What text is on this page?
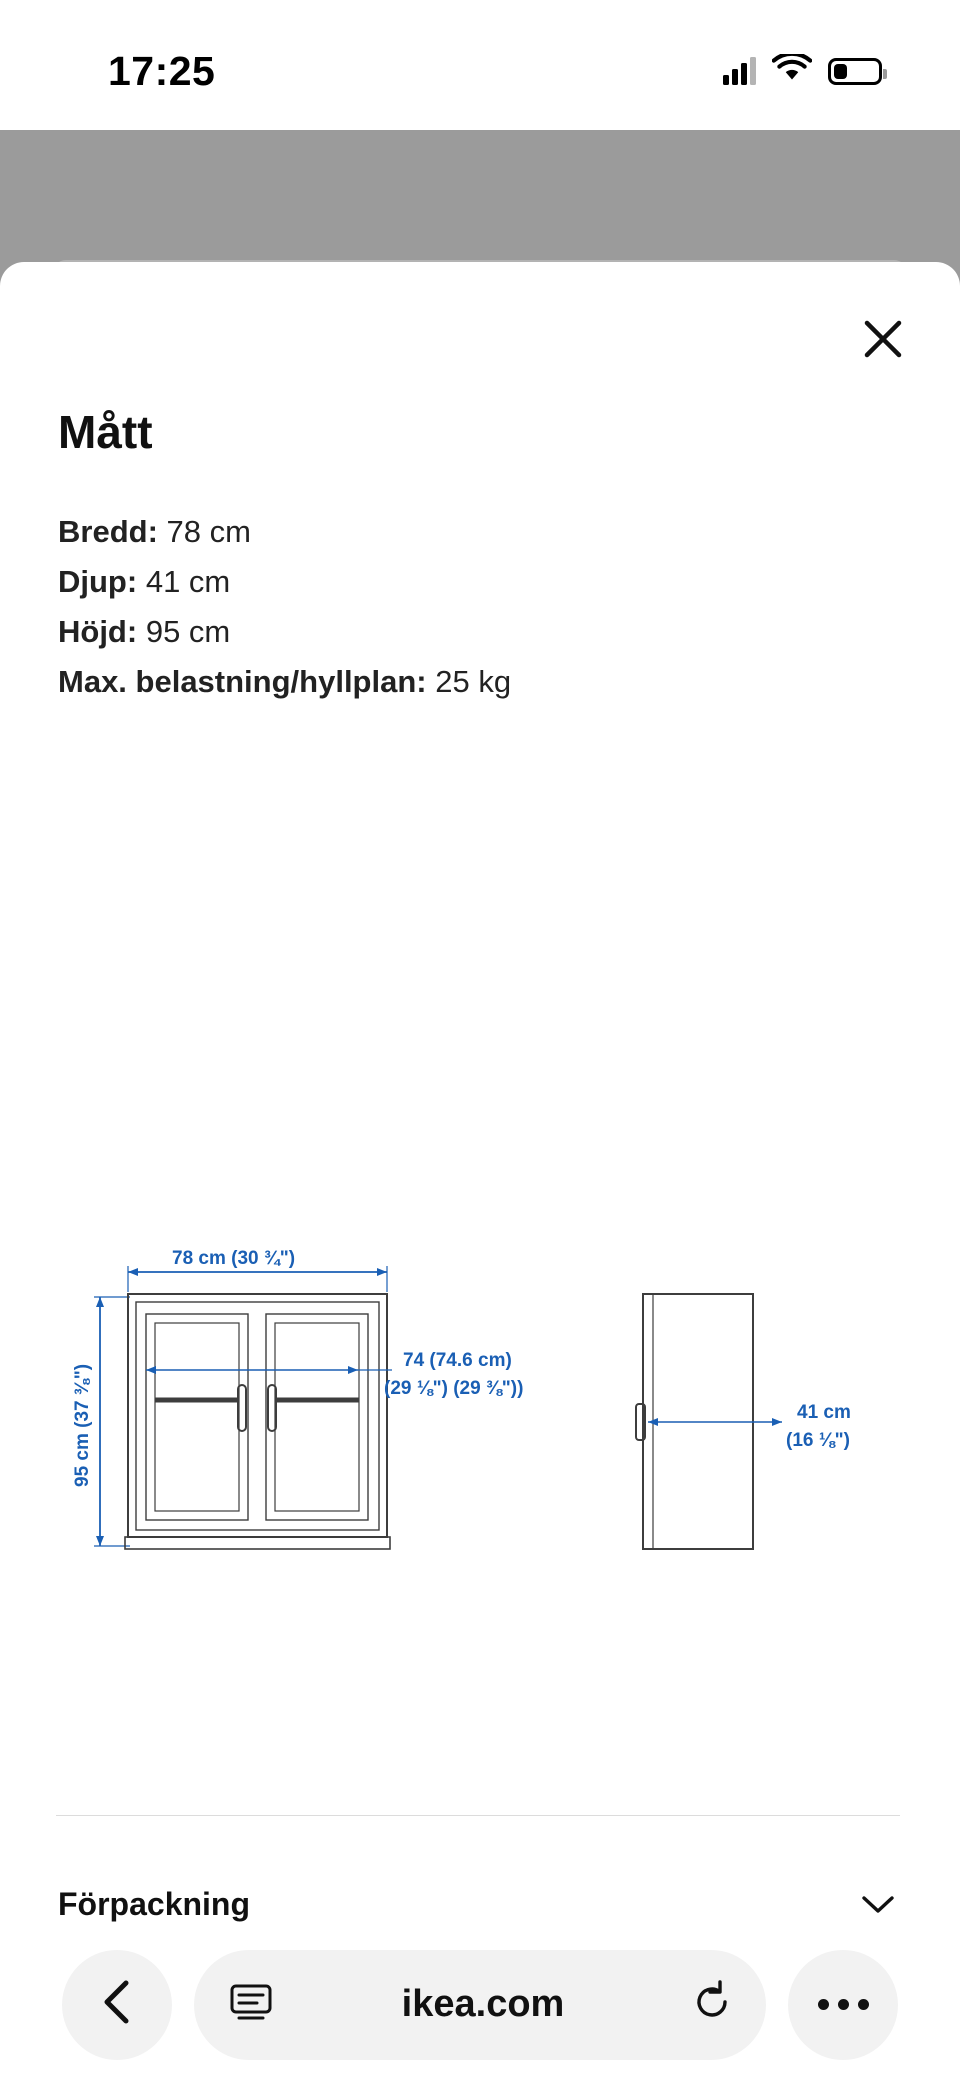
17:25
Mått
Bredd: 78 cm
Djup: 41 cm
Höjd: 95 cm
Max. belastning/hyllplan: 25 kg
78 cm (30 ¾")
95 cm (37 ⅜")
74 (74.6 cm)
(29 ⅛") (29 ⅜"))
41 cm
(16 ⅛")
Förpackning
ikea.com
